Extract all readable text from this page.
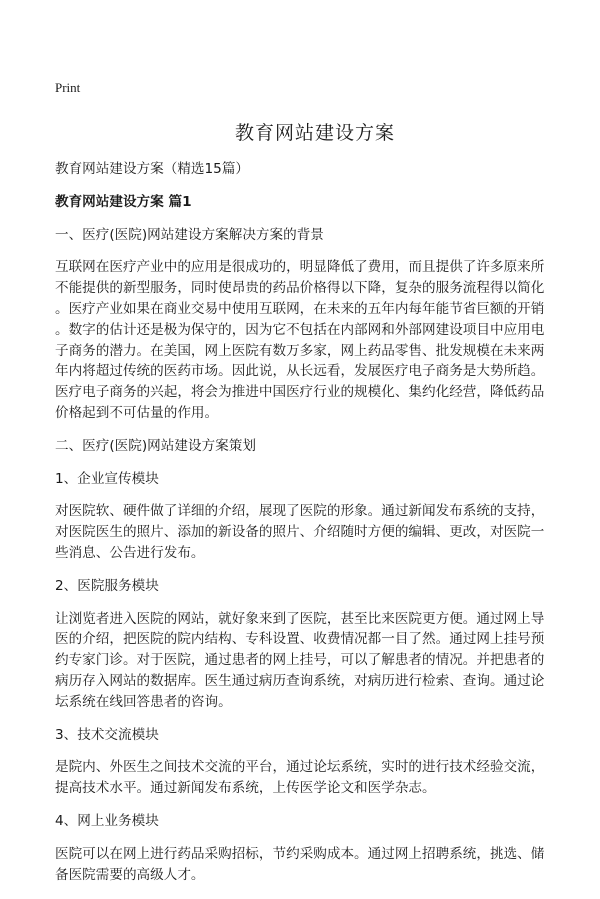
Print
教育网站建设方案
教育网站建设方案（精选15篇）
教育网站建设方案 篇1
一、医疗(医院)网站建设方案解决方案的背景
互联网在医疗产业中的应用是很成功的，明显降低了费用，而且提供了许多原来所
不能提供的新型服务，同时使昂贵的药品价格得以下降，复杂的服务流程得以简化
。医疗产业如果在商业交易中使用互联网，在未来的五年内每年能节省巨额的开销
。数字的估计还是极为保守的，因为它不包括在内部网和外部网建设项目中应用电
子商务的潜力。在美国，网上医院有数万多家，网上药品零售、批发规模在未来两
年内将超过传统的医药市场。因此说，从长远看，发展医疗电子商务是大势所趋。
医疗电子商务的兴起，将会为推进中国医疗行业的规模化、集约化经营，降低药品
价格起到不可估量的作用。
二、医疗(医院)网站建设方案策划
1、企业宣传模块
对医院软、硬件做了详细的介绍，展现了医院的形象。通过新闻发布系统的支持，
对医院医生的照片、添加的新设备的照片、介绍随时方便的编辑、更改，对医院一
些消息、公告进行发布。
2、医院服务模块
让浏览者进入医院的网站，就好象来到了医院，甚至比来医院更方便。通过网上导
医的介绍，把医院的院内结构、专科设置、收费情况都一目了然。通过网上挂号预
约专家门诊。对于医院，通过患者的网上挂号，可以了解患者的情况。并把患者的
病历存入网站的数据库。医生通过病历查询系统，对病历进行检索、查询。通过论
坛系统在线回答患者的咨询。
3、技术交流模块
是院内、外医生之间技术交流的平台，通过论坛系统，实时的进行技术经验交流，
提高技术水平。通过新闻发布系统，上传医学论文和医学杂志。
4、网上业务模块
医院可以在网上进行药品采购招标，节约采购成本。通过网上招聘系统，挑选、储
备医院需要的高级人才。
